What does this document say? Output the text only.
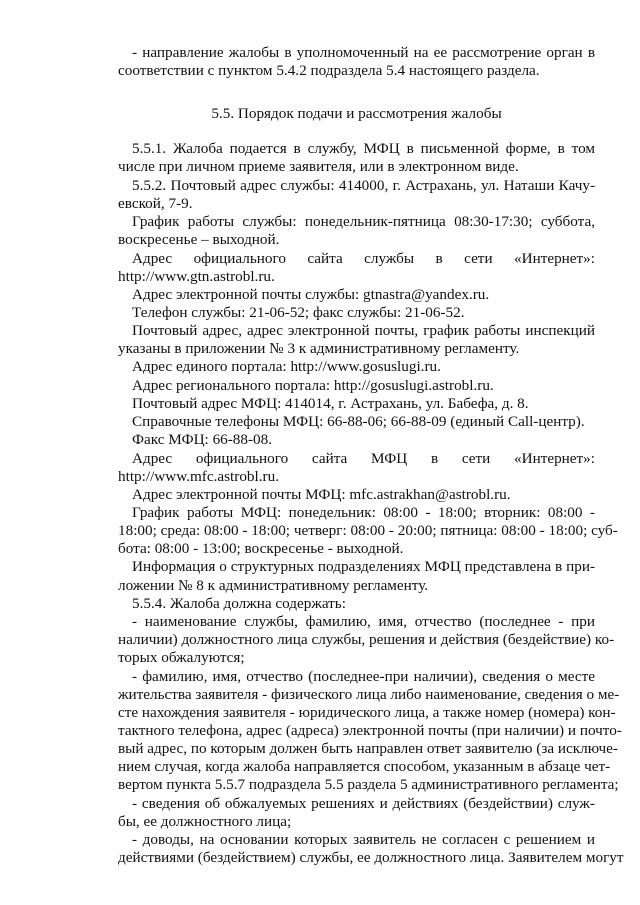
- направление жалобы в уполномоченный на ее рассмотрение орган в
соответствии с пунктом 5.4.2 подраздела 5.4 настоящего раздела.
5.5. Порядок подачи и рассмотрения жалобы
5.5.1. Жалоба подается в службу, МФЦ в письменной форме, в том
числе при личном приеме заявителя, или в электронном виде.
5.5.2. Почтовый адрес службы: 414000, г. Астрахань, ул. Наташи Качу-
евской, 7-9.
График работы службы: понедельник-пятница 08:30-17:30; суббота,
воскресенье – выходной.
Адрес официального сайта службы в сети «Интернет»:
http://www.gtn.astrobl.ru.
Адрес электронной почты службы: gtnastra@yandex.ru.
Телефон службы: 21-06-52; факс службы: 21-06-52.
Почтовый адрес, адрес электронной почты, график работы инспекций
указаны в приложении № 3 к административному регламенту.
Адрес единого портала: http://www.gosuslugi.ru.
Адрес регионального портала: http://gosuslugi.astrobl.ru.
Почтовый адрес МФЦ: 414014, г. Астрахань, ул. Бабефа, д. 8.
Справочные телефоны МФЦ: 66-88-06; 66-88-09 (единый Call-центр).
Факс МФЦ: 66-88-08.
Адрес официального сайта МФЦ в сети «Интернет»:
http://www.mfc.astrobl.ru.
Адрес электронной почты МФЦ: mfc.astrakhan@astrobl.ru.
График работы МФЦ: понедельник: 08:00 - 18:00; вторник: 08:00 -
18:00; среда: 08:00 - 18:00; четверг: 08:00 - 20:00; пятница: 08:00 - 18:00; суб-
бота: 08:00 - 13:00; воскресенье - выходной.
Информация о структурных подразделениях МФЦ представлена в при-
ложении № 8 к административному регламенту.
5.5.4. Жалоба должна содержать:
- наименование службы, фамилию, имя, отчество (последнее - при
наличии) должностного лица службы, решения и действия (бездействие) ко-
торых обжалуются;
- фамилию, имя, отчество (последнее-при наличии), сведения о месте
жительства заявителя - физического лица либо наименование, сведения о ме-
сте нахождения заявителя - юридического лица, а также номер (номера) кон-
тактного телефона, адрес (адреса) электронной почты (при наличии) и почто-
вый адрес, по которым должен быть направлен ответ заявителю (за исключе-
нием случая, когда жалоба направляется способом, указанным в абзаце чет-
вертом пункта 5.5.7 подраздела 5.5 раздела 5 административного регламента;
- сведения об обжалуемых решениях и действиях (бездействии) служ-
бы, ее должностного лица;
- доводы, на основании которых заявитель не согласен с решением и
действиями (бездействием) службы, ее должностного лица. Заявителем могут
